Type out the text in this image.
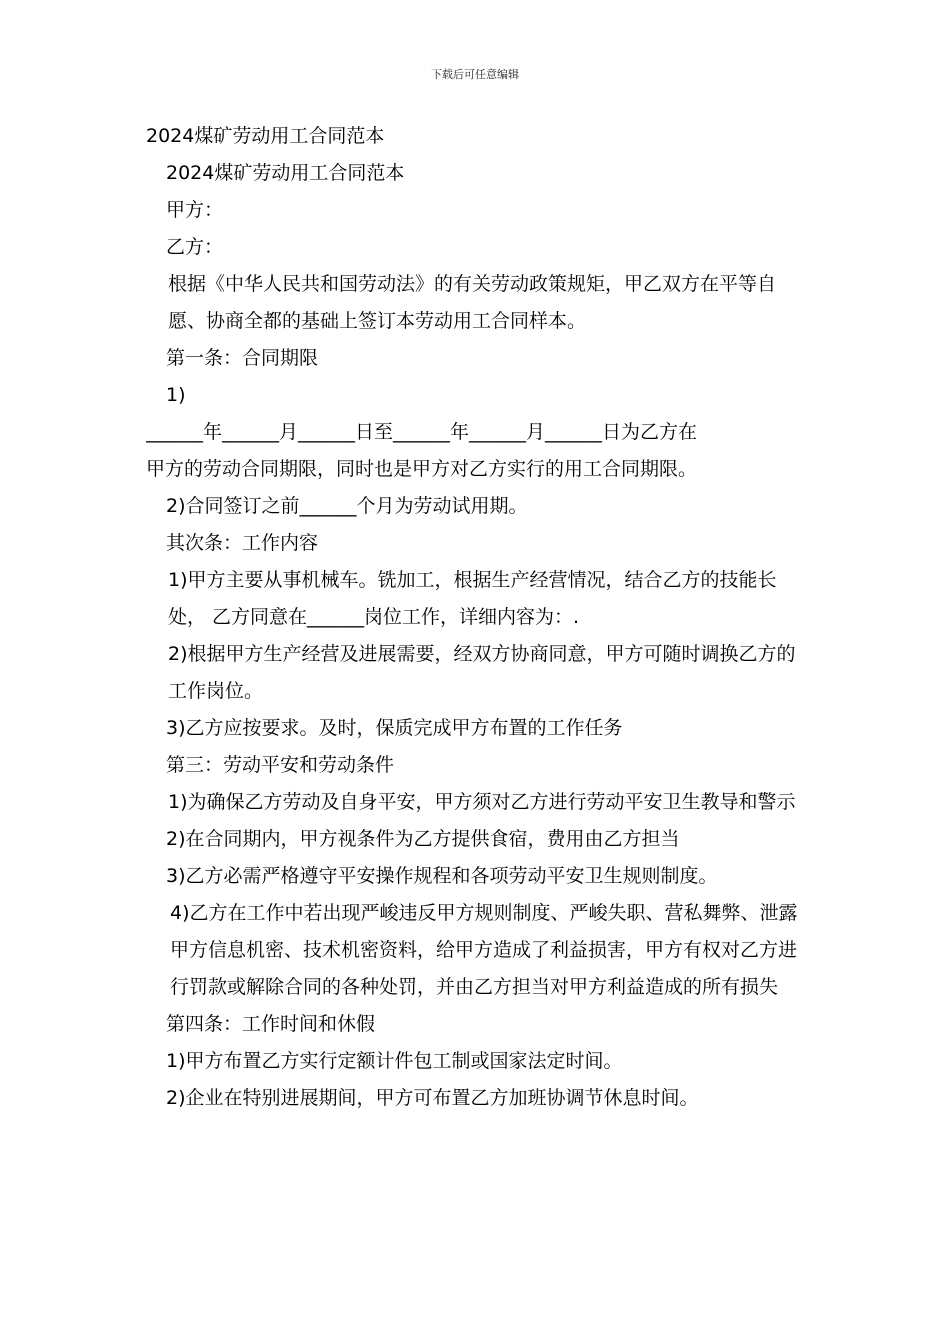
下载后可任意编辑

2024煤矿劳动用工合同范本

2024煤矿劳动用工合同范本

甲方：

乙方：

根据《中华人民共和国劳动法》的有关劳动政策规矩，甲乙双方在平等自愿、协商全都的基础上签订本劳动用工合同样本。

第一条：合同期限

1)

______年______月______日至______年______月______日为乙方在

甲方的劳动合同期限，同时也是甲方对乙方实行的用工合同期限。

2)合同签订之前______个月为劳动试用期。

其次条：工作内容

1)甲方主要从事机械车。铣加工，根据生产经营情况，结合乙方的技能长处， 乙方同意在______岗位工作，详细内容为：.

2)根据甲方生产经营及进展需要，经双方协商同意，甲方可随时调换乙方的工作岗位。

3)乙方应按要求。及时，保质完成甲方布置的工作任务

第三：劳动平安和劳动条件

1)为确保乙方劳动及自身平安，甲方须对乙方进行劳动平安卫生教导和警示

2)在合同期内，甲方视条件为乙方提供食宿，费用由乙方担当

3)乙方必需严格遵守平安操作规程和各项劳动平安卫生规则制度。

4)乙方在工作中若出现严峻违反甲方规则制度、严峻失职、营私舞弊、泄露甲方信息机密、技术机密资料，给甲方造成了利益损害，甲方有权对乙方进行罚款或解除合同的各种处罚，并由乙方担当对甲方利益造成的所有损失

第四条：工作时间和休假

1)甲方布置乙方实行定额计件包工制或国家法定时间。

2)企业在特别进展期间，甲方可布置乙方加班协调节休息时间。
